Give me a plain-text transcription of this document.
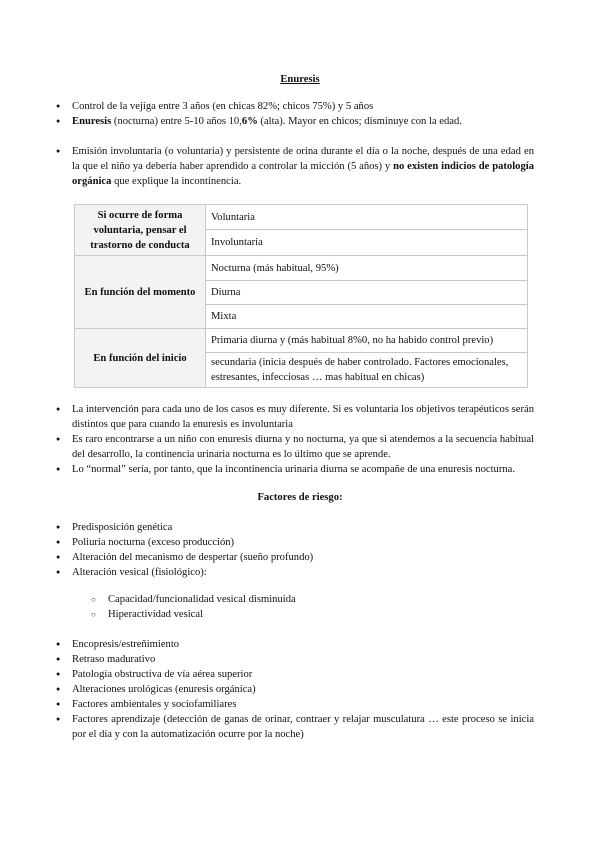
Enuresis
● Control de la vejiga entre 3 años (en chicas 82%; chicos 75%) y 5 años
● Enuresis (nocturna) entre 5-10 años 10,6% (alta). Mayor en chicos; disminuye con la edad.
● Emisión involuntaria (o voluntaria) y persistente de orina durante el día o la noche, después de una edad en la que el niño ya debería haber aprendido a controlar la micción (5 años) y no existen indicios de patología orgánica que explique la incontinencia.
Si ocurre de forma voluntaria, pensar el trastorno de conducta	Voluntaria
	Involuntaria
En función del momento	Nocturna (más habitual, 95%)
	Diurna
	Mixta
En función del inicio	Primaria diurna y (más habitual 8%0, no ha habido control previo)
	secundaria (inicia después de haber controlado. Factores emocionales, estresantes, infecciosas … mas habitual en chicas)
● La intervención para cada uno de los casos es muy diferente. Si es voluntaria los objetivos terapéuticos serán distintos que para cuando la enuresis es involuntaria
● Es raro encontrarse a un niño con enuresis diurna y no nocturna, ya que si atendemos a la secuencia habitual del desarrollo, la continencia urinaria nocturna es lo último que se aprende.
● Lo “normal” sería, por tanto, que la incontinencia urinaria diurna se acompañe de una enuresis nocturna.
Factores de riesgo:
● Predisposición genética
● Poliuria nocturna (exceso producción)
● Alteración del mecanismo de despertar (sueño profundo)
● Alteración vesical (fisiológico):
○ Capacidad/funcionalidad vesical disminuida
○ Hiperactividad vesical
● Encopresis/estreñimiento
● Retraso madurativo
● Patología obstructiva de vía aérea superior
● Alteraciones urológicas (enuresis orgánica)
● Factores ambientales y sociofamiliares
● Factores aprendizaje (detección de ganas de orinar, contraer y relajar musculatura … este proceso se inicia por el día y con la automatización ocurre por la noche)
